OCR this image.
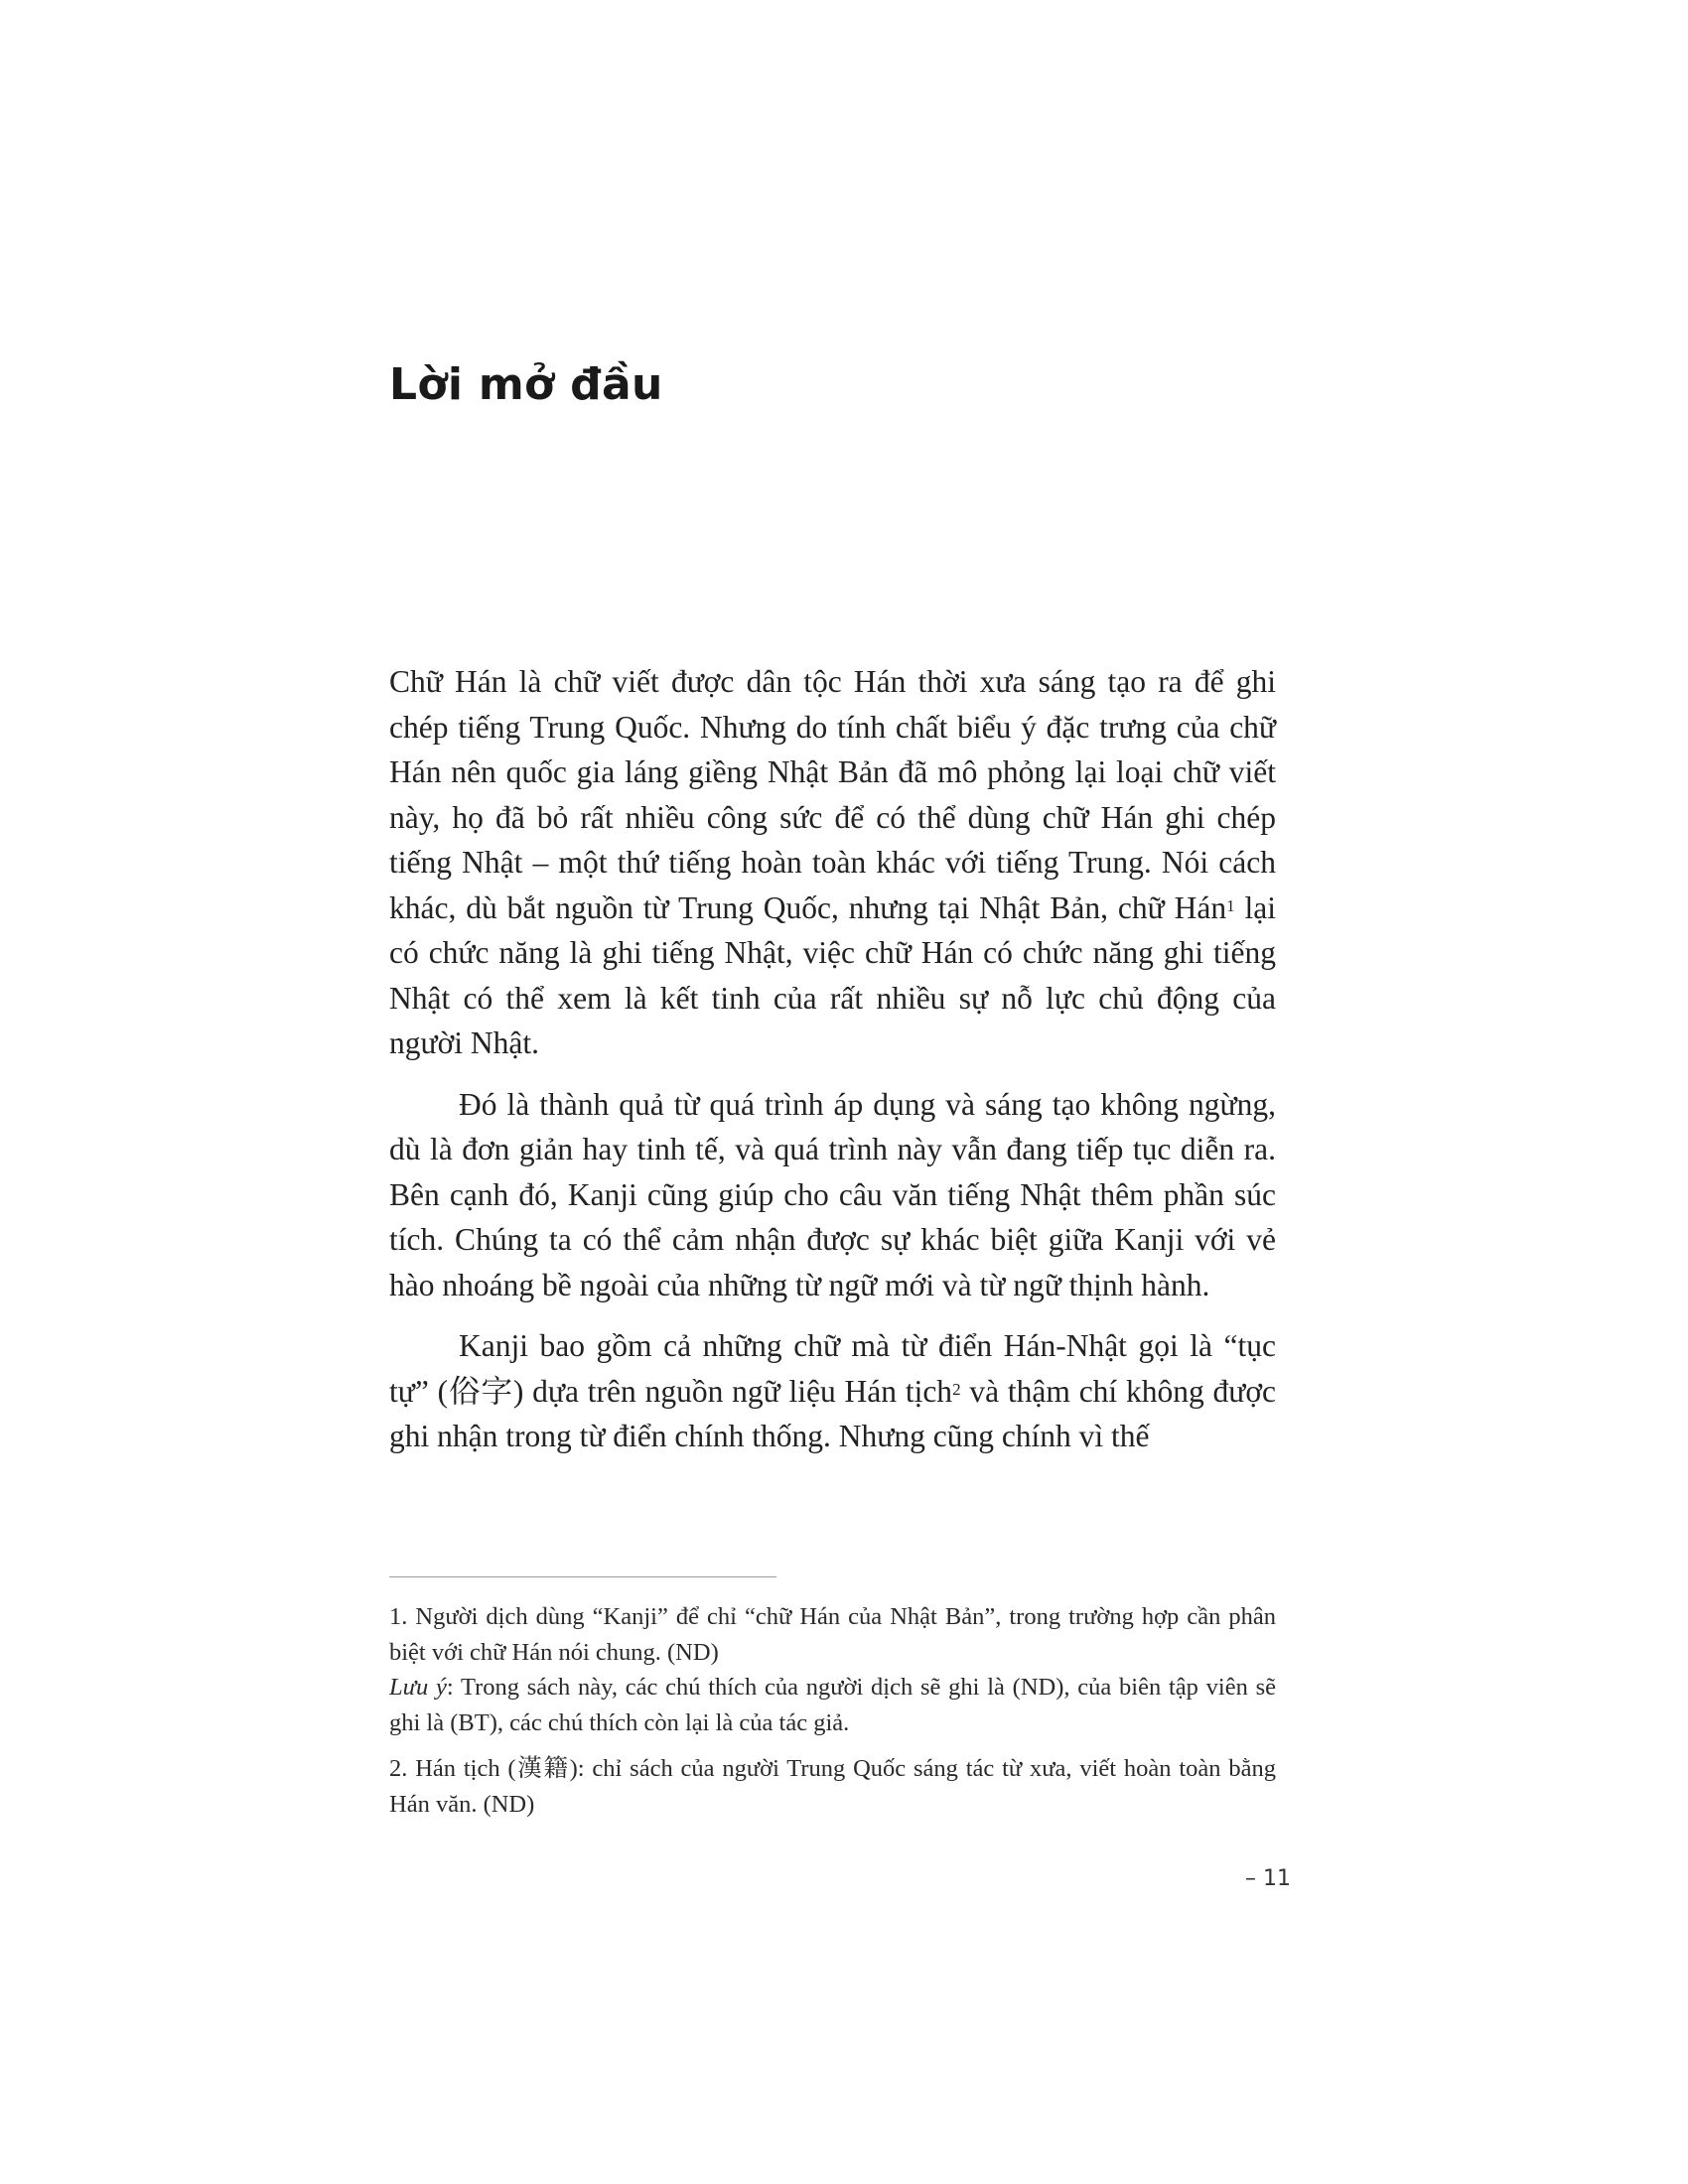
Lời mở đầu

Chữ Hán là chữ viết được dân tộc Hán thời xưa sáng tạo ra để ghi chép tiếng Trung Quốc. Nhưng do tính chất biểu ý đặc trưng của chữ Hán nên quốc gia láng giềng Nhật Bản đã mô phỏng lại loại chữ viết này, họ đã bỏ rất nhiều công sức để có thể dùng chữ Hán ghi chép tiếng Nhật – một thứ tiếng hoàn toàn khác với tiếng Trung. Nói cách khác, dù bắt nguồn từ Trung Quốc, nhưng tại Nhật Bản, chữ Hán$^1$ lại có chức năng là ghi tiếng Nhật, việc chữ Hán có chức năng ghi tiếng Nhật có thể xem là kết tinh của rất nhiều sự nỗ lực chủ động của người Nhật.

Đó là thành quả từ quá trình áp dụng và sáng tạo không ngừng, dù là đơn giản hay tinh tế, và quá trình này vẫn đang tiếp tục diễn ra. Bên cạnh đó, Kanji cũng giúp cho câu văn tiếng Nhật thêm phần súc tích. Chúng ta có thể cảm nhận được sự khác biệt giữa Kanji với vẻ hào nhoáng bề ngoài của những từ ngữ mới và từ ngữ thịnh hành.

Kanji bao gồm cả những chữ mà từ điển Hán-Nhật gọi là “tục tự” (俗字) dựa trên nguồn ngữ liệu Hán tịch$^2$ và thậm chí không được ghi nhận trong từ điển chính thống. Nhưng cũng chính vì thế

1. Người dịch dùng “Kanji” để chỉ “chữ Hán của Nhật Bản”, trong trường hợp cần phân biệt với chữ Hán nói chung. (ND)

Lưu ý: Trong sách này, các chú thích của người dịch sẽ ghi là (ND), của biên tập viên sẽ ghi là (BT), các chú thích còn lại là của tác giả.

2. Hán tịch (漢籍): chỉ sách của người Trung Quốc sáng tác từ xưa, viết hoàn toàn bằng Hán văn. (ND)

– 11
